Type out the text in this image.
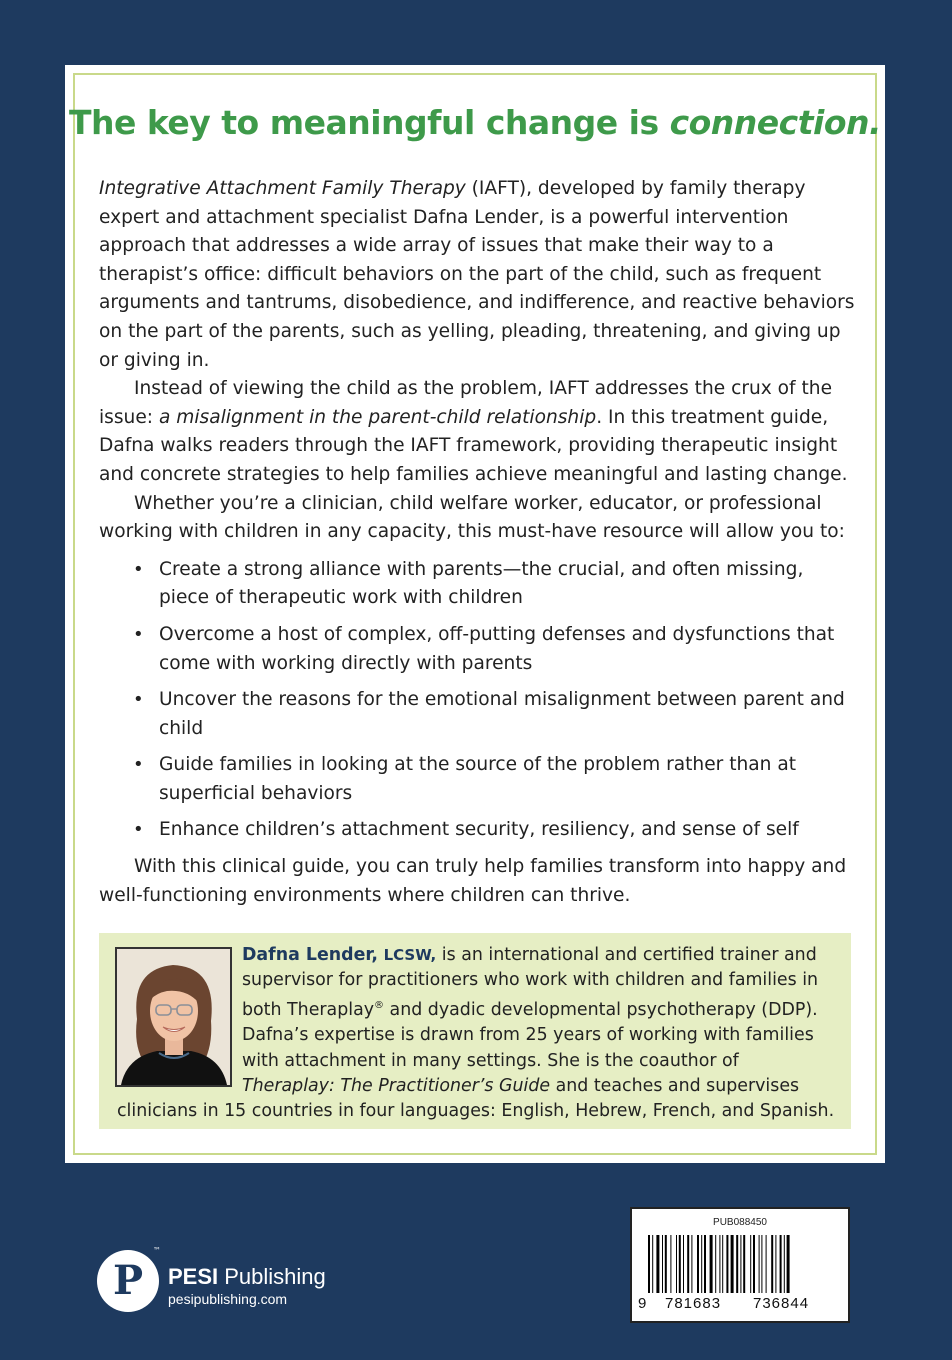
The key to meaningful change is connection.

Integrative Attachment Family Therapy (IAFT), developed by family therapy expert and attachment specialist Dafna Lender, is a powerful intervention approach that addresses a wide array of issues that make their way to a therapist’s office: difficult behaviors on the part of the child, such as frequent arguments and tantrums, disobedience, and indifference, and reactive behaviors on the part of the parents, such as yelling, pleading, threatening, and giving up or giving in.

Instead of viewing the child as the problem, IAFT addresses the crux of the issue: a misalignment in the parent-child relationship. In this treatment guide, Dafna walks readers through the IAFT framework, providing therapeutic insight and concrete strategies to help families achieve meaningful and lasting change.

Whether you’re a clinician, child welfare worker, educator, or professional working with children in any capacity, this must-have resource will allow you to:

• Create a strong alliance with parents—the crucial, and often missing, piece of therapeutic work with children
• Overcome a host of complex, off-putting defenses and dysfunctions that come with working directly with parents
• Uncover the reasons for the emotional misalignment between parent and child
• Guide families in looking at the source of the problem rather than at superficial behaviors
• Enhance children’s attachment security, resiliency, and sense of self

With this clinical guide, you can truly help families transform into happy and well-functioning environments where children can thrive.

Dafna Lender, LCSW, is an international and certified trainer and supervisor for practitioners who work with children and families in both Theraplay® and dyadic developmental psychotherapy (DDP). Dafna’s expertise is drawn from 25 years of working with families with attachment in many settings. She is the coauthor of Theraplay: The Practitioner’s Guide and teaches and supervises clinicians in 15 countries in four languages: English, Hebrew, French, and Spanish.
P
™
PESI Publishing
pesipublishing.com
PUB088450
9 781683 736844
